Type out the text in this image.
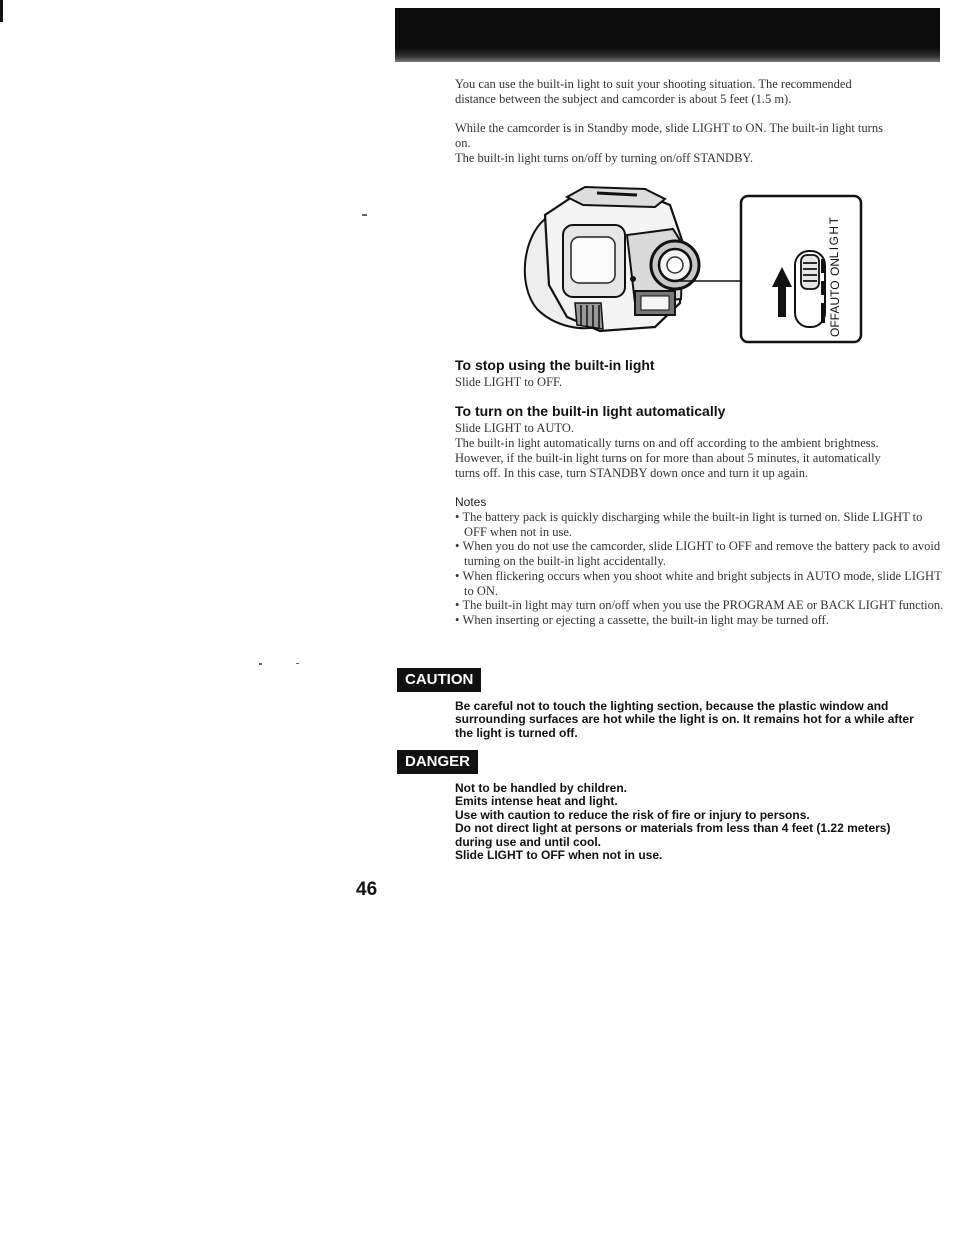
You can use the built-in light to suit your shooting situation. The recommended
distance between the subject and camcorder is about 5 feet (1.5 m).
While the camcorder is in Standby mode, slide LIGHT to ON. The built-in light turns
on.
The built-in light turns on/off by turning on/off STANDBY.
LIGHT
ON
AUTO
OFF
To stop using the built-in light
Slide LIGHT to OFF.
To turn on the built-in light automatically
Slide LIGHT to AUTO.
The built-in light automatically turns on and off according to the ambient brightness.
However, if the built-in light turns on for more than about 5 minutes, it automatically
turns off. In this case, turn STANDBY down once and turn it up again.
Notes
• The battery pack is quickly discharging while the built-in light is turned on. Slide LIGHT to OFF when not in use.
• When you do not use the camcorder, slide LIGHT to OFF and remove the battery pack to avoid turning on the built-in light accidentally.
• When flickering occurs when you shoot white and bright subjects in AUTO mode, slide LIGHT to ON.
• The built-in light may turn on/off when you use the PROGRAM AE or BACK LIGHT function.
• When inserting or ejecting a cassette, the built-in light may be turned off.
CAUTION
Be careful not to touch the lighting section, because the plastic window and
surrounding surfaces are hot while the light is on. It remains hot for a while after
the light is turned off.
DANGER
Not to be handled by children.
Emits intense heat and light.
Use with caution to reduce the risk of fire or injury to persons.
Do not direct light at persons or materials from less than 4 feet (1.22 meters)
during use and until cool.
Slide LIGHT to OFF when not in use.
46
